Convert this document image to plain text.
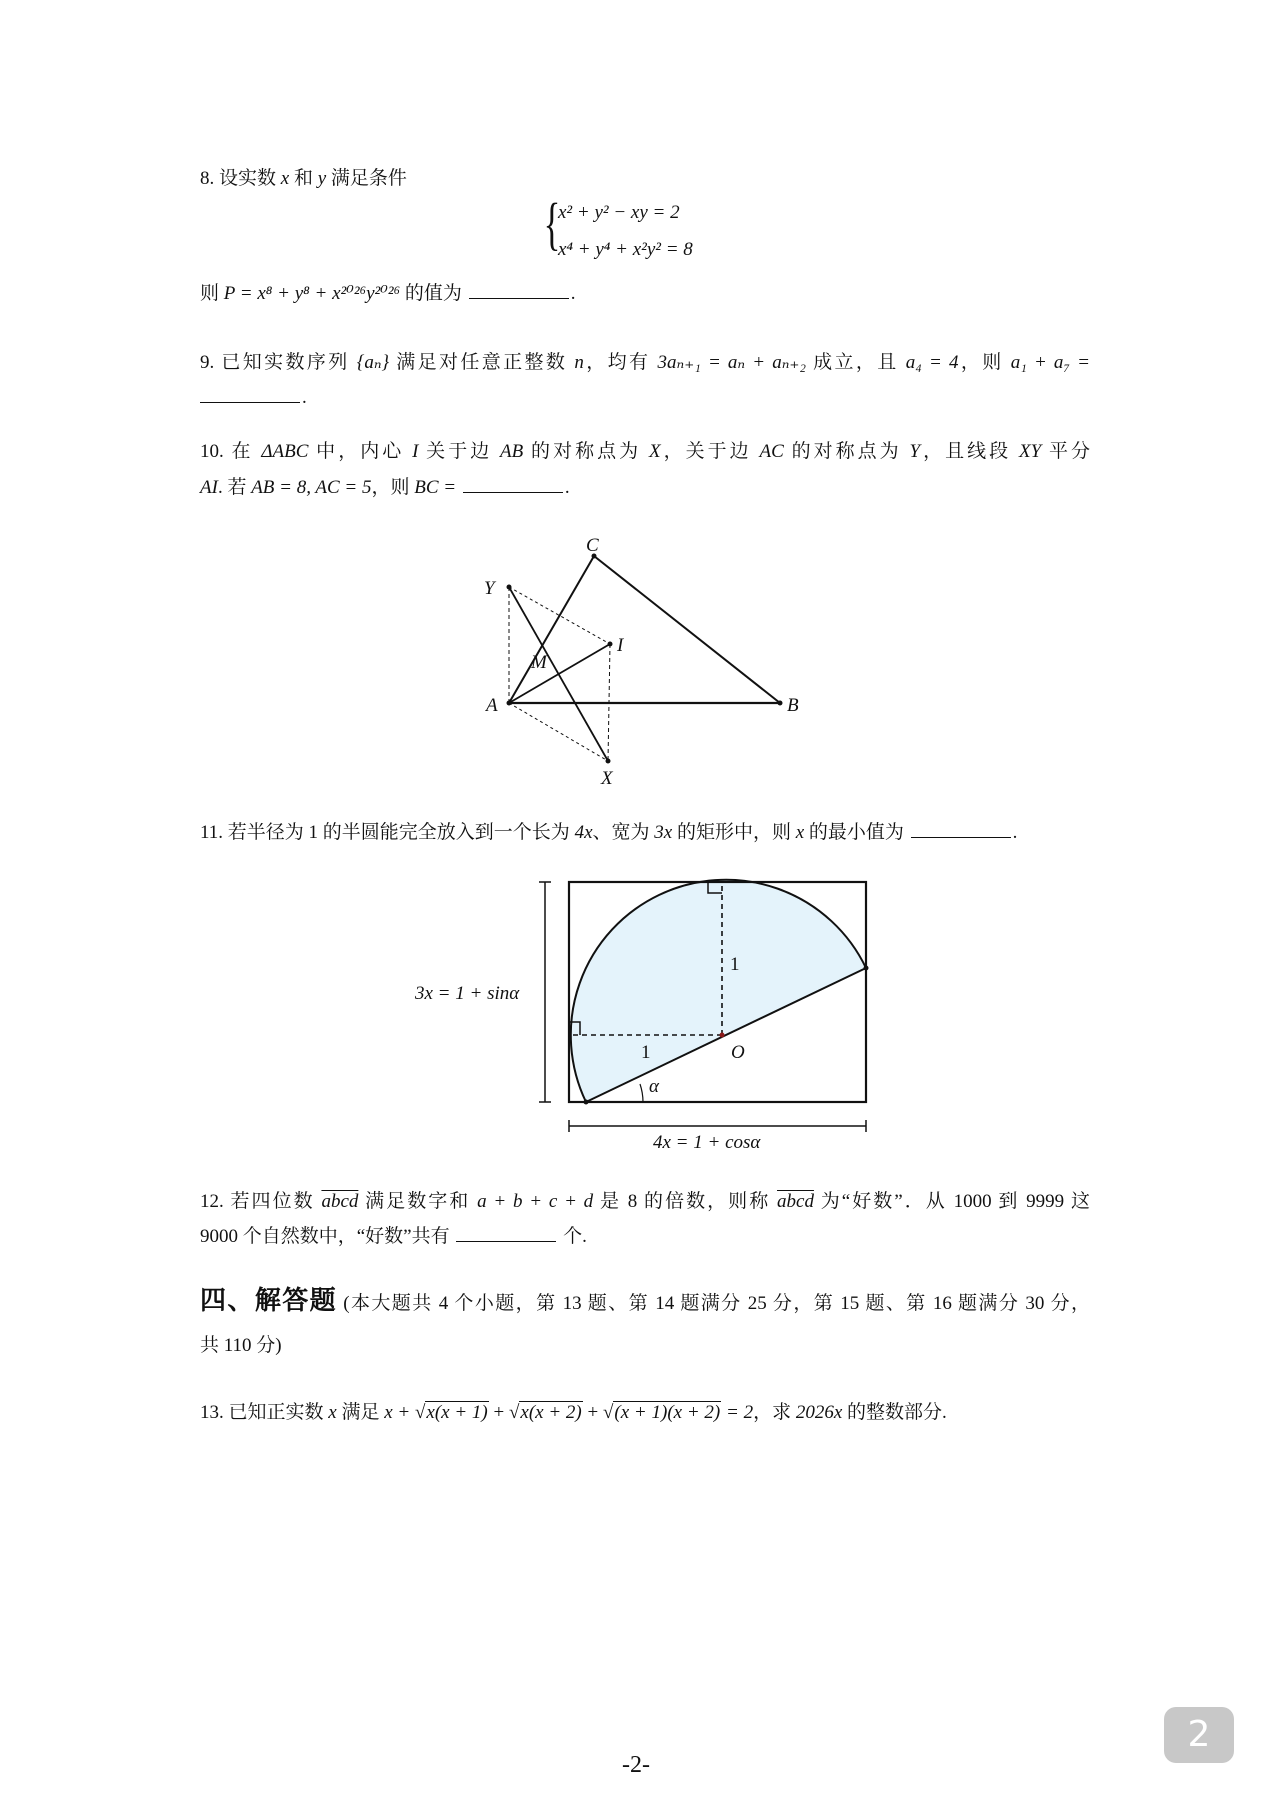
8. 设实数 x 和 y 满足条件
{
x² + y² − xy = 2
x⁴ + y⁴ + x²y² = 8
则 P = x⁸ + y⁸ + x²⁰²⁶y²⁰²⁶ 的值为	.
9. 已知实数序列 {aₙ} 满足对任意正整数 n，均有 3aₙ₊₁ = aₙ + aₙ₊₂ 成立，且 a₄ = 4，则 a₁ + a₇ =
.
10. 在 ΔABC 中，内心 I 关于边 AB 的对称点为 X，关于边 AC 的对称点为 Y，且线段 XY 平分
AI. 若 AB = 8, AC = 5，则 BC =	.
11. 若半径为 1 的半圆能完全放入到一个长为 4x、宽为 3x 的矩形中，则 x 的最小值为	.
12. 若四位数 abcd 满足数字和 a + b + c + d 是 8 的倍数，则称 abcd 为“好数”．从 1000 到 9999 这
9000 个自然数中，“好数”共有	个.
四、解答题 (本大题共 4 个小题，第 13 题、第 14 题满分 25 分，第 15 题、第 16 题满分 30 分，
共 110 分)
13. 已知正实数 x 满足 x + √x(x + 1) + √x(x + 2) + √(x + 1)(x + 2) = 2，求 2026x 的整数部分.
C
Y
I
M
A	B
X
1
1	O
α
3x = 1 + sinα
4x = 1 + cosα
-2-
2
